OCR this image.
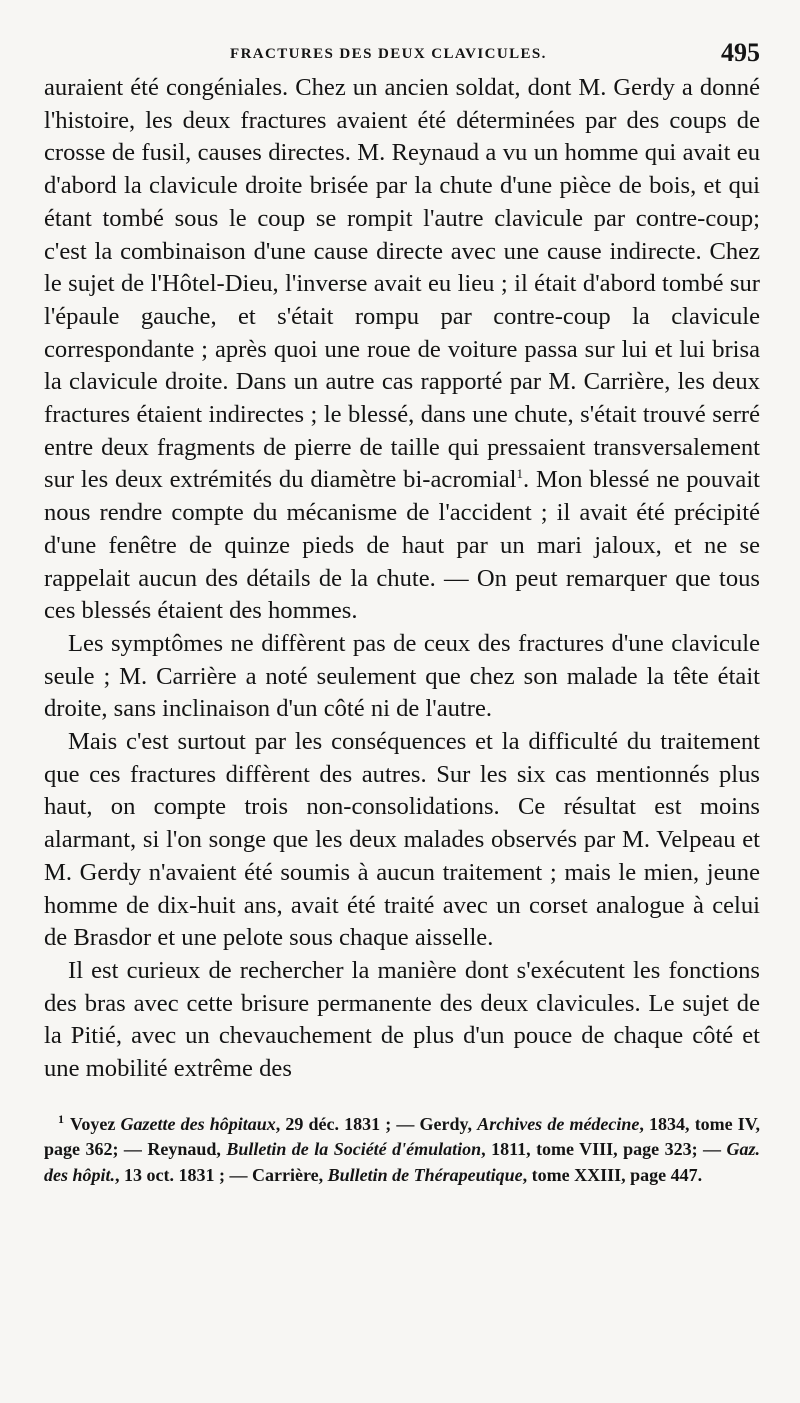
FRACTURES DES DEUX CLAVICULES.	495

auraient été congéniales. Chez un ancien soldat, dont M. Gerdy a donné l'histoire, les deux fractures avaient été déterminées par des coups de crosse de fusil, causes directes. M. Reynaud a vu un homme qui avait eu d'abord la clavicule droite brisée par la chute d'une pièce de bois, et qui étant tombé sous le coup se rompit l'autre clavicule par contre-coup; c'est la combinaison d'une cause directe avec une cause indirecte. Chez le sujet de l'Hôtel-Dieu, l'inverse avait eu lieu ; il était d'abord tombé sur l'épaule gauche, et s'était rompu par contre-coup la clavicule correspondante ; après quoi une roue de voiture passa sur lui et lui brisa la clavicule droite. Dans un autre cas rapporté par M. Carrière, les deux fractures étaient indirectes ; le blessé, dans une chute, s'était trouvé serré entre deux fragments de pierre de taille qui pressaient transversalement sur les deux extrémités du diamètre bi-acromial$^1$. Mon blessé ne pouvait nous rendre compte du mécanisme de l'accident ; il avait été précipité d'une fenêtre de quinze pieds de haut par un mari jaloux, et ne se rappelait aucun des détails de la chute. — On peut remarquer que tous ces blessés étaient des hommes.

Les symptômes ne diffèrent pas de ceux des fractures d'une clavicule seule ; M. Carrière a noté seulement que chez son malade la tête était droite, sans inclinaison d'un côté ni de l'autre.

Mais c'est surtout par les conséquences et la difficulté du traitement que ces fractures diffèrent des autres. Sur les six cas mentionnés plus haut, on compte trois non-consolidations. Ce résultat est moins alarmant, si l'on songe que les deux malades observés par M. Velpeau et M. Gerdy n'avaient été soumis à aucun traitement ; mais le mien, jeune homme de dix-huit ans, avait été traité avec un corset analogue à celui de Brasdor et une pelote sous chaque aisselle.

Il est curieux de rechercher la manière dont s'exécutent les fonctions des bras avec cette brisure permanente des deux clavicules. Le sujet de la Pitié, avec un chevauchement de plus d'un pouce de chaque côté et une mobilité extrême des

$^1$ Voyez Gazette des hôpitaux, 29 déc. 1831 ; — Gerdy, Archives de médecine, 1834, tome IV, page 362; — Reynaud, Bulletin de la Société d'émulation, 1811, tome VIII, page 323; — Gaz. des hôpit., 13 oct. 1831 ; — Carrière, Bulletin de Thérapeutique, tome XXIII, page 447.
